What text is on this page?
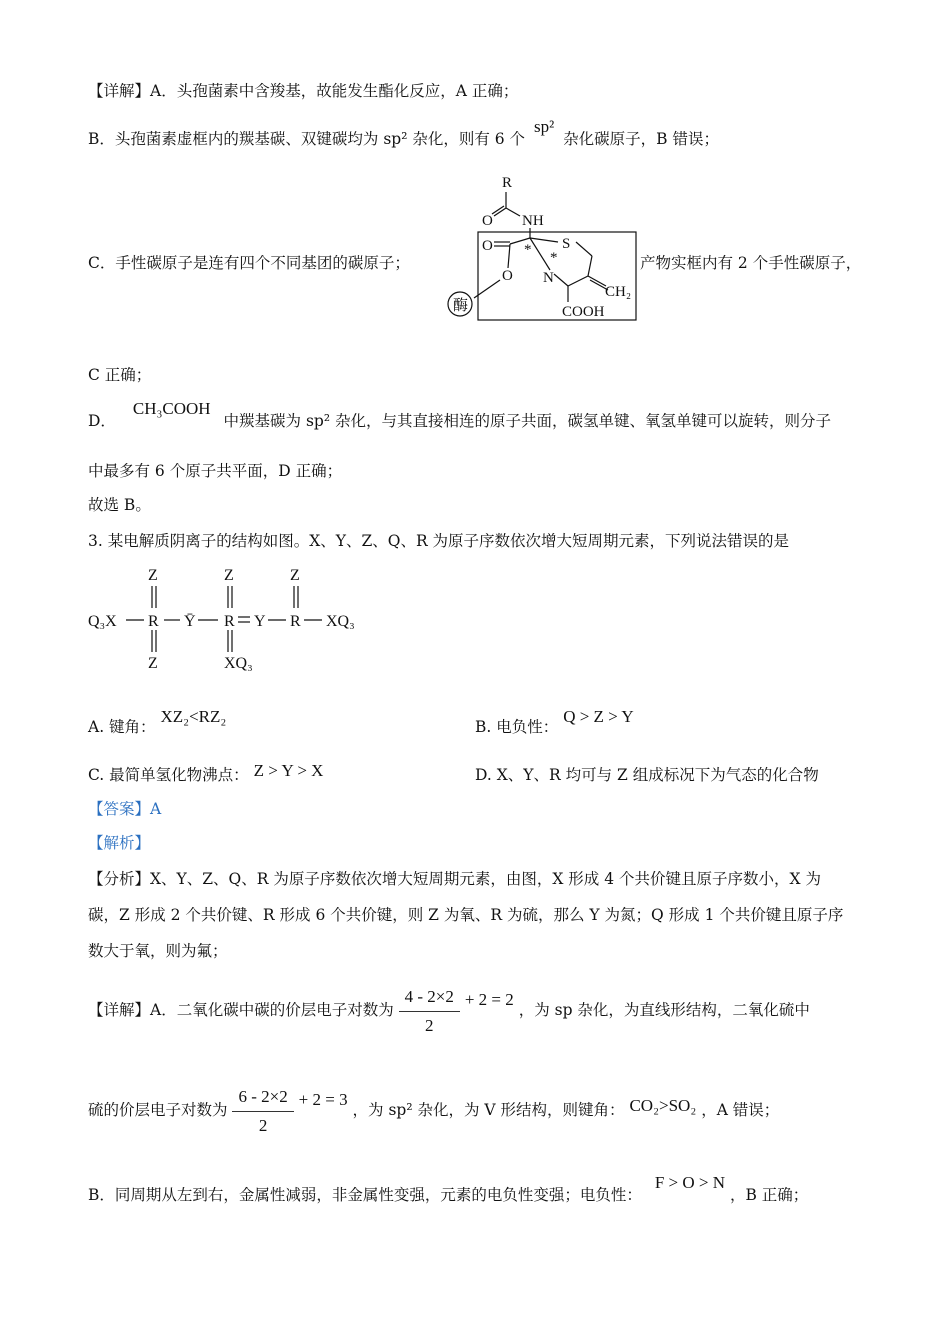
【详解】A．头孢菌素中含羧基，故能发生酯化反应，A 正确；
B．头孢菌素虚框内的羰基碳、双键碳均为 sp² 杂化，则有 6 个 sp² 杂化碳原子，B 错误；
C．手性碳原子是连有四个不同基团的碳原子；
R
O NH
O	S
* *
O N
CH₂
COOH
酶
产物实框内有 2 个手性碳原子，
C 正确；
D． CH₃COOH 中羰基碳为 sp² 杂化，与其直接相连的原子共面，碳氢单键、氧氢单键可以旋转，则分子
中最多有 6 个原子共平面，D 正确；
故选 B。
3. 某电解质阴离子的结构如图。X、Y、Z、Q、R 为原子序数依次增大短周期元素，下列说法错误的是
Z	Z	Z
Q₃X R Ȳ R Y R XQ₃
Z	XQ₃
A. 键角： XZ₂<RZ₂
B. 电负性： Q > Z > Y
C. 最简单氢化物沸点： Z > Y > X	D. X、Y、R 均可与 Z 组成标况下为气态的化合物
【答案】A
【解析】
【分析】X、Y、Z、Q、R 为原子序数依次增大短周期元素，由图，X 形成 4 个共价键且原子序数小，X 为
碳，Z 形成 2 个共价键、R 形成 6 个共价键，则 Z 为氧、R 为硫，那么 Y 为氮；Q 形成 1 个共价键且原子序
数大于氧，则为氟；
【详解】A．二氧化碳中碳的价层电子对数为 $\frac{4 - 2\times 2}{2} + 2 = 2$ ，为 sp 杂化，为直线形结构，二氧化硫中
硫的价层电子对数为 $\frac{6 - 2\times 2}{2} + 2 = 3$ ，为 sp² 杂化，为 V 形结构，则键角： CO₂>SO₂ ，A 错误；
B．同周期从左到右，金属性减弱，非金属性变强，元素的电负性变强；电负性： F > O > N ，B 正确；
